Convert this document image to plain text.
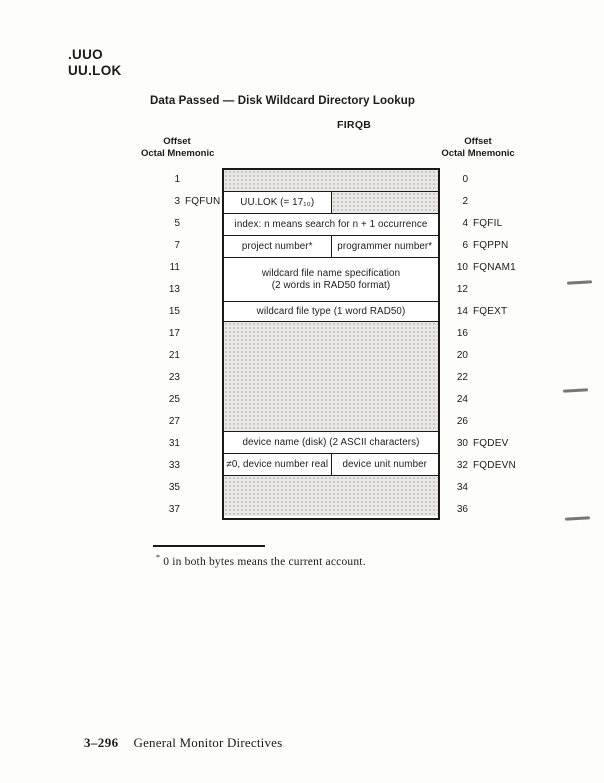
.UUO
UU.LOK
Data Passed — Disk Wildcard Directory Lookup
FIRQB
Offset
Octal Mnemonic
Offset
Octal Mnemonic
1
3 FQFUN
5
7
11
13
15
17
21
23
25
27
31
33
35
37
UU.LOK (= 17₁₀)
index: n means search for n + 1 occurrence
project number*	programmer number*
wildcard file name specification
(2 words in RAD50 format)
wildcard file type (1 word RAD50)
device name (disk) (2 ASCII characters)
≠0, device number real	device unit number
0
2
4 FQFIL
6 FQPPN
10 FQNAM1
12
14 FQEXT
16
20
22
24
26
30 FQDEV
32 FQDEVN
34
36
* 0 in both bytes means the current account.
3–296 General Monitor Directives
